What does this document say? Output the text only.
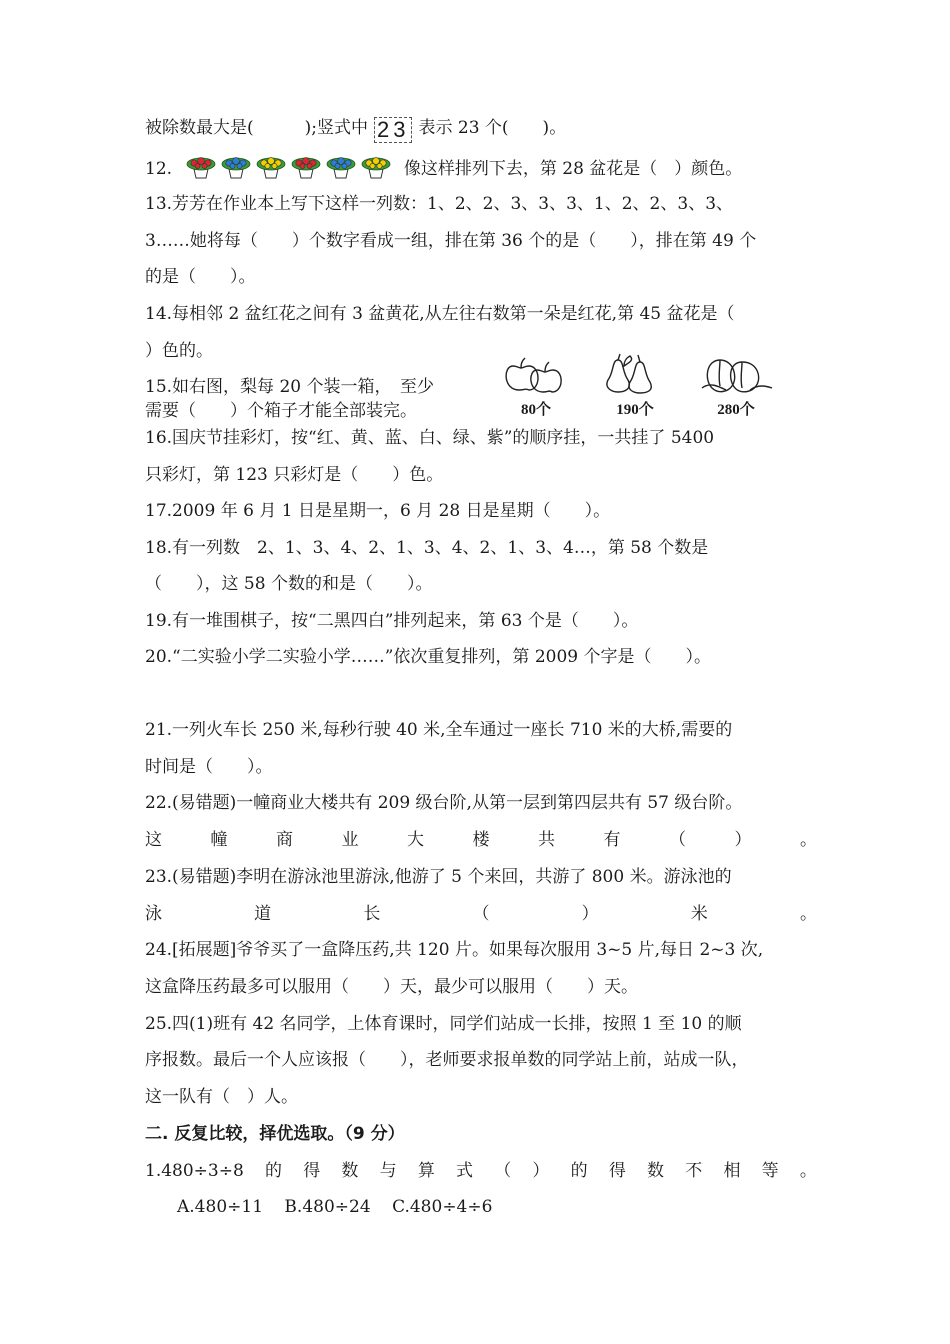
被除数最大是(　　　);竖式中 23 表示 23 个(　　)。
12.	像这样排列下去，第 28 盆花是（　）颜色。
13.芳芳在作业本上写下这样一列数：1、2、2、3、3、3、1、2、2、3、3、
3……她将每（　　）个数字看成一组，排在第 36 个的是（　　），排在第 49 个
的是（　　）。
14.每相邻 2 盆红花之间有 3 盆黄花,从左往右数第一朵是红花,第 45 盆花是（
）色的。
15.如右图，梨每 20 个装一箱，　至少
需要（　　）个箱子才能全部装完。	80个	190个	280个
16.国庆节挂彩灯，按“红、黄、蓝、白、绿、紫”的顺序挂，一共挂了 5400
只彩灯，第 123 只彩灯是（　　）色。
17.2009 年 6 月 1 日是星期一，6 月 28 日是星期（　　）。
18.有一列数　2、1、3、4、2、1、3、4、2、1、3、4…，第 58 个数是
（　　），这 58 个数的和是（　　）。
19.有一堆围棋子，按“二黑四白”排列起来，第 63 个是（　　）。
20.“二实验小学二实验小学……”依次重复排列，第 2009 个字是（　　）。
21.一列火车长 250 米,每秒行驶 40 米,全车通过一座长 710 米的大桥,需要的
时间是（　　）。
22.(易错题)一幢商业大楼共有 209 级台阶,从第一层到第四层共有 57 级台阶。
这	幢	商	业	大	楼	共	有	（	）	。
23.(易错题)李明在游泳池里游泳,他游了 5 个来回，共游了 800 米。游泳池的
泳	道	长	（	）	米	。
24.[拓展题]爷爷买了一盒降压药,共 120 片。如果每次服用 3~5 片,每日 2~3 次,
这盒降压药最多可以服用（　　）天，最少可以服用（　　）天。
25.四(1)班有 42 名同学，上体育课时，同学们站成一长排，按照 1 至 10 的顺
序报数。最后一个人应该报（　　），老师要求报单数的同学站上前，站成一队，
这一队有（　）人。
二. 反复比较，择优选取。（9 分）
1.480÷3÷8 的 得 数 与 算 式 （ ） 的 得 数 不 相 等 。
A.480÷11 B.480÷24 C.480÷4÷6
